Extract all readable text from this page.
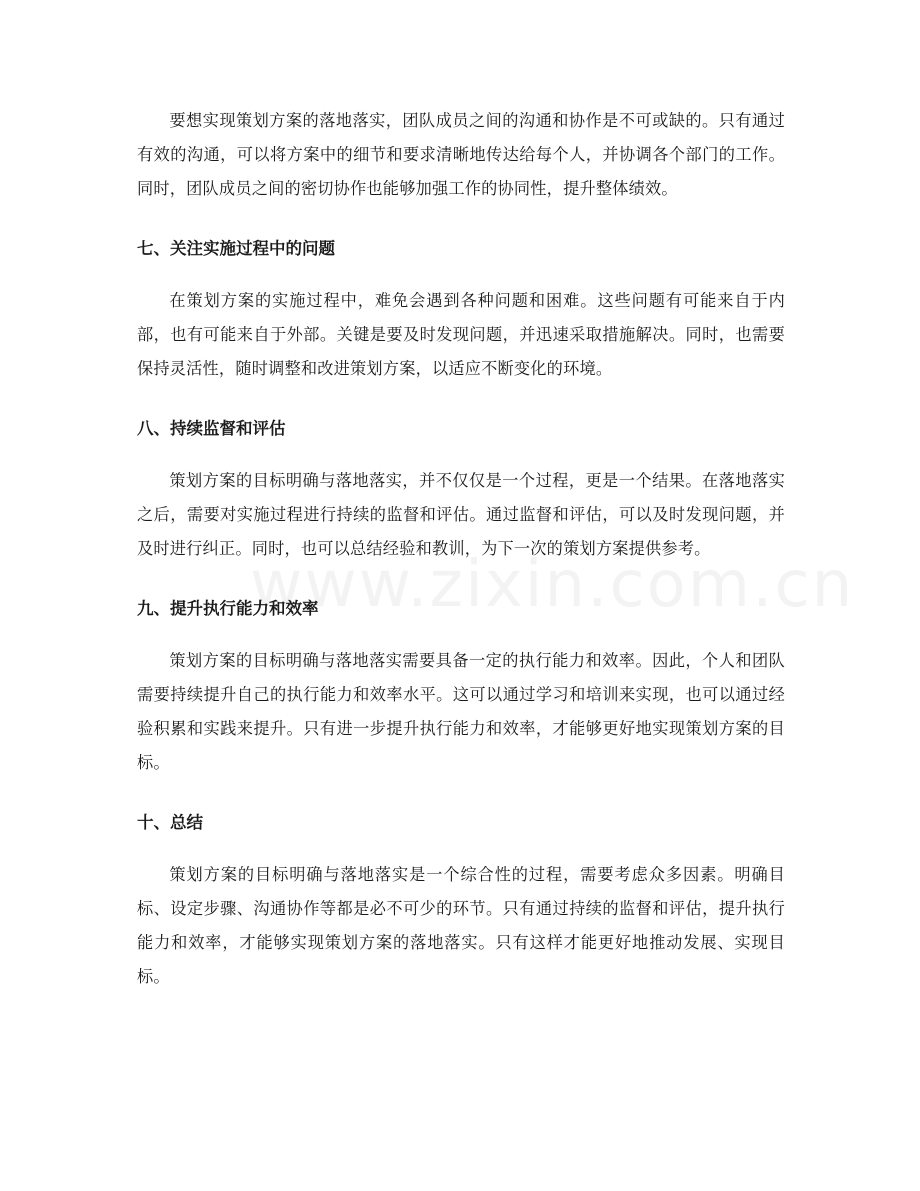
要想实现策划方案的落地落实，团队成员之间的沟通和协作是不可或缺的。只有通过有效的沟通，可以将方案中的细节和要求清晰地传达给每个人，并协调各个部门的工作。同时，团队成员之间的密切协作也能够加强工作的协同性，提升整体绩效。

七、关注实施过程中的问题

在策划方案的实施过程中，难免会遇到各种问题和困难。这些问题有可能来自于内部，也有可能来自于外部。关键是要及时发现问题，并迅速采取措施解决。同时，也需要保持灵活性，随时调整和改进策划方案，以适应不断变化的环境。

八、持续监督和评估

策划方案的目标明确与落地落实，并不仅仅是一个过程，更是一个结果。在落地落实之后，需要对实施过程进行持续的监督和评估。通过监督和评估，可以及时发现问题，并及时进行纠正。同时，也可以总结经验和教训，为下一次的策划方案提供参考。

九、提升执行能力和效率

策划方案的目标明确与落地落实需要具备一定的执行能力和效率。因此，个人和团队需要持续提升自己的执行能力和效率水平。这可以通过学习和培训来实现，也可以通过经验积累和实践来提升。只有进一步提升执行能力和效率，才能够更好地实现策划方案的目标。

十、总结

策划方案的目标明确与落地落实是一个综合性的过程，需要考虑众多因素。明确目标、设定步骤、沟通协作等都是必不可少的环节。只有通过持续的监督和评估，提升执行能力和效率，才能够实现策划方案的落地落实。只有这样才能更好地推动发展、实现目标。
